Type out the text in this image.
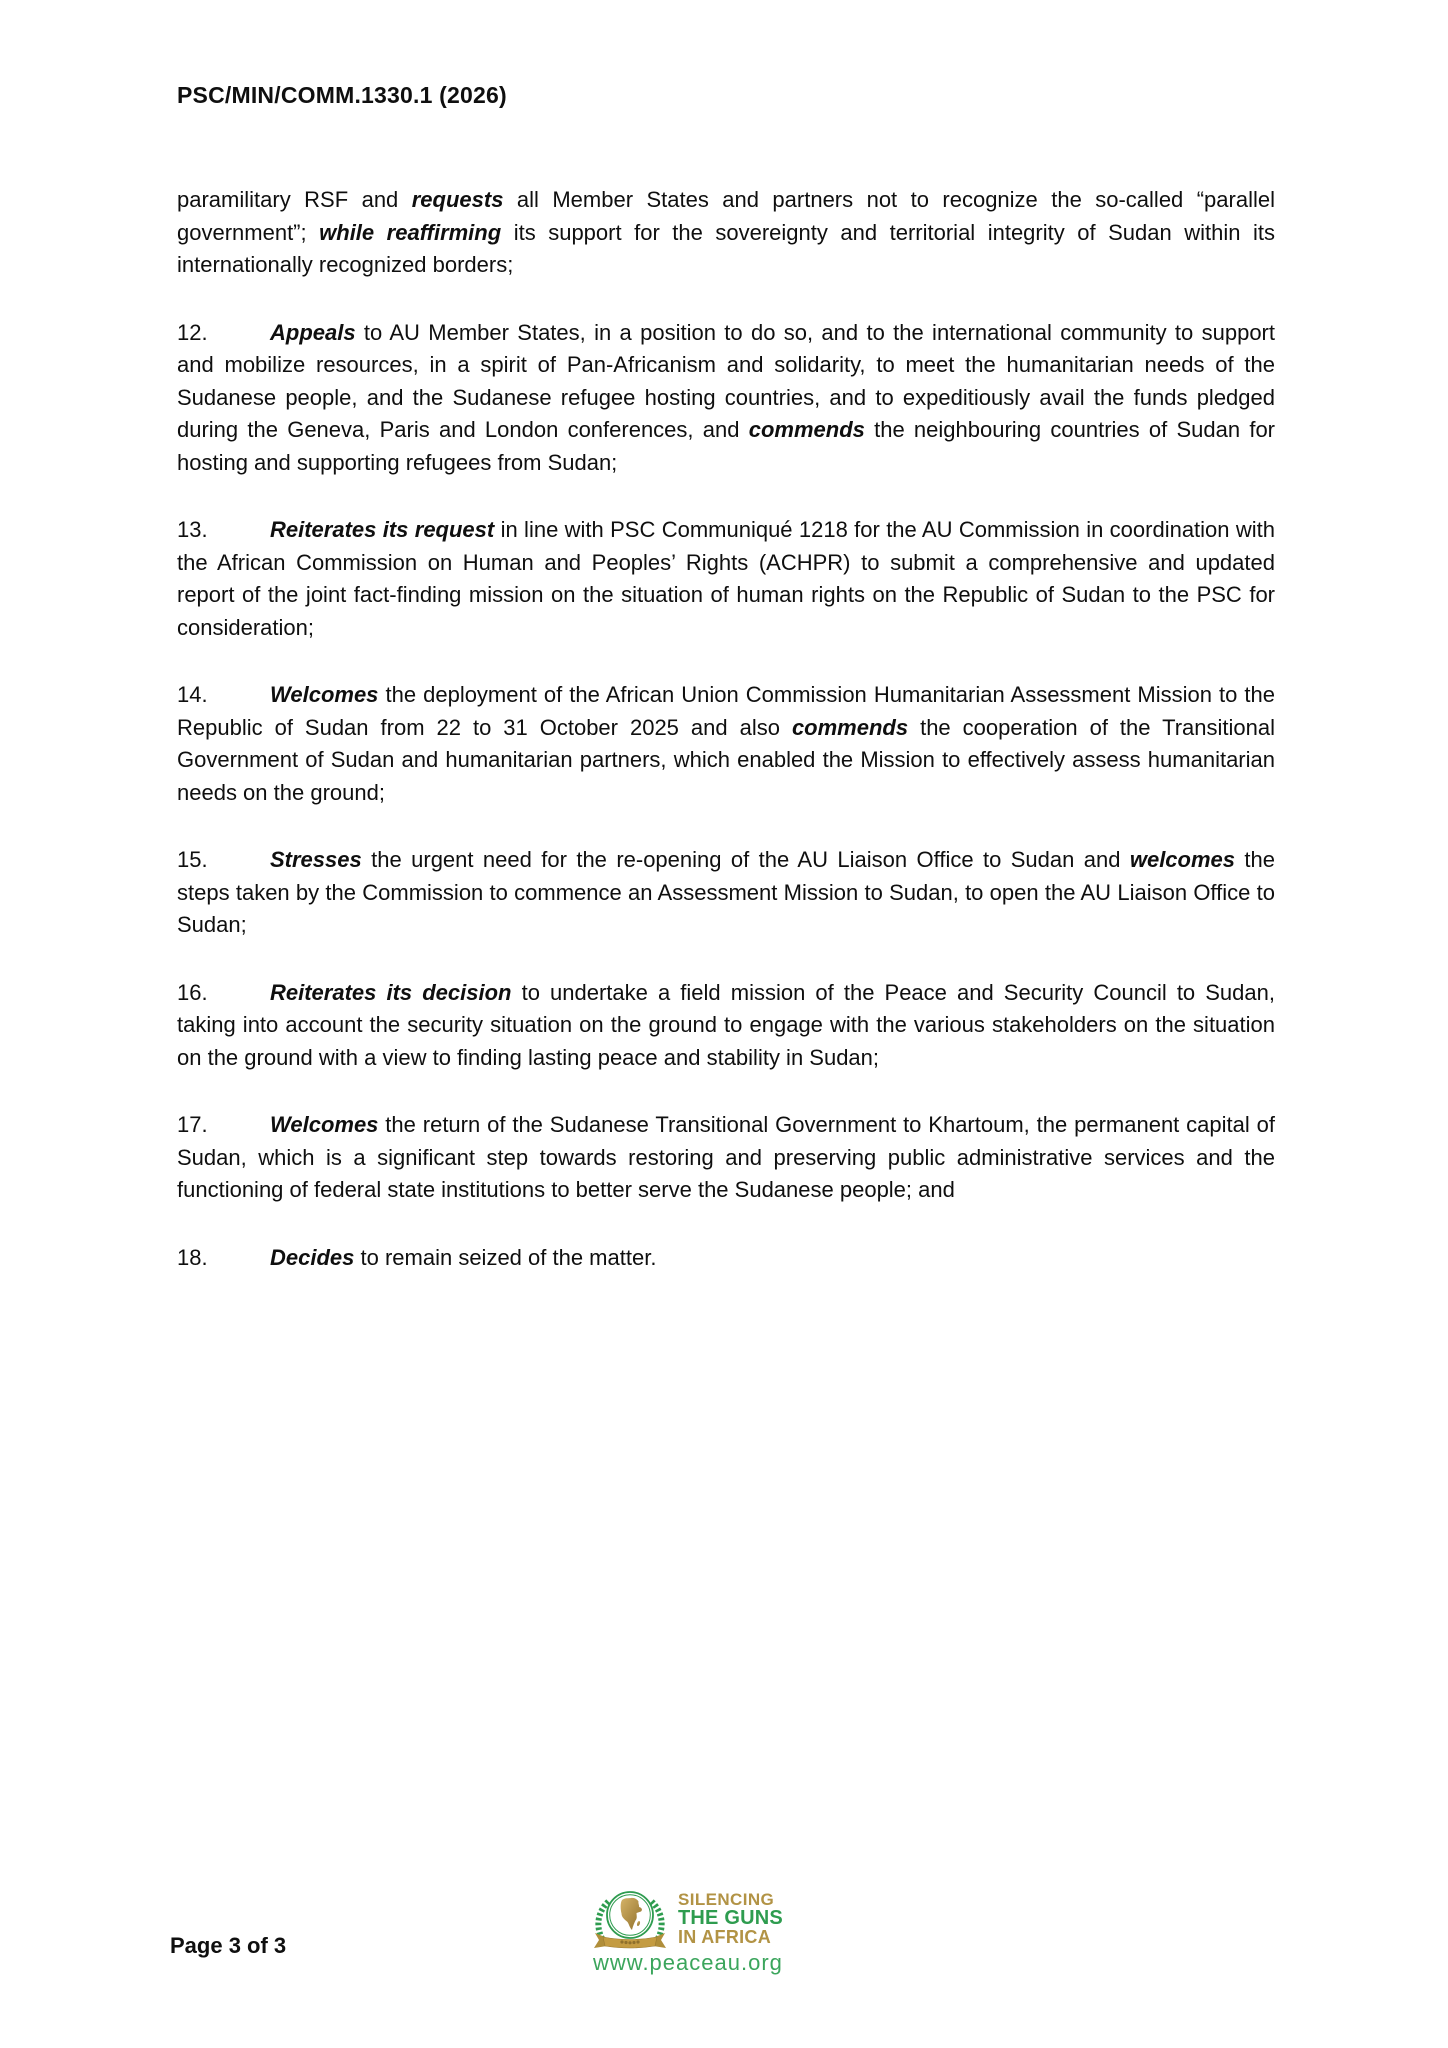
PSC/MIN/COMM.1330.1 (2026)

paramilitary RSF and requests all Member States and partners not to recognize the so-called “parallel government”; while reaffirming its support for the sovereignty and territorial integrity of Sudan within its internationally recognized borders;

12.	Appeals to AU Member States, in a position to do so, and to the international community to support and mobilize resources, in a spirit of Pan-Africanism and solidarity, to meet the humanitarian needs of the Sudanese people, and the Sudanese refugee hosting countries, and to expeditiously avail the funds pledged during the Geneva, Paris and London conferences, and commends the neighbouring countries of Sudan for hosting and supporting refugees from Sudan;

13.	Reiterates its request in line with PSC Communiqué 1218 for the AU Commission in coordination with the African Commission on Human and Peoples’ Rights (ACHPR) to submit a comprehensive and updated report of the joint fact-finding mission on the situation of human rights on the Republic of Sudan to the PSC for consideration;

14.	Welcomes the deployment of the African Union Commission Humanitarian Assessment Mission to the Republic of Sudan from 22 to 31 October 2025 and also commends the cooperation of the Transitional Government of Sudan and humanitarian partners, which enabled the Mission to effectively assess humanitarian needs on the ground;

15.	Stresses the urgent need for the re-opening of the AU Liaison Office to Sudan and welcomes the steps taken by the Commission to commence an Assessment Mission to Sudan, to open the AU Liaison Office to Sudan;

16.	Reiterates its decision to undertake a field mission of the Peace and Security Council to Sudan, taking into account the security situation on the ground to engage with the various stakeholders on the situation on the ground with a view to finding lasting peace and stability in Sudan;

17.	Welcomes the return of the Sudanese Transitional Government to Khartoum, the permanent capital of Sudan, which is a significant step towards restoring and preserving public administrative services and the functioning of federal state institutions to better serve the Sudanese people; and

18.	Decides to remain seized of the matter.

Page 3 of 3
SILENCING
THE GUNS
IN AFRICA
www.peaceau.org
